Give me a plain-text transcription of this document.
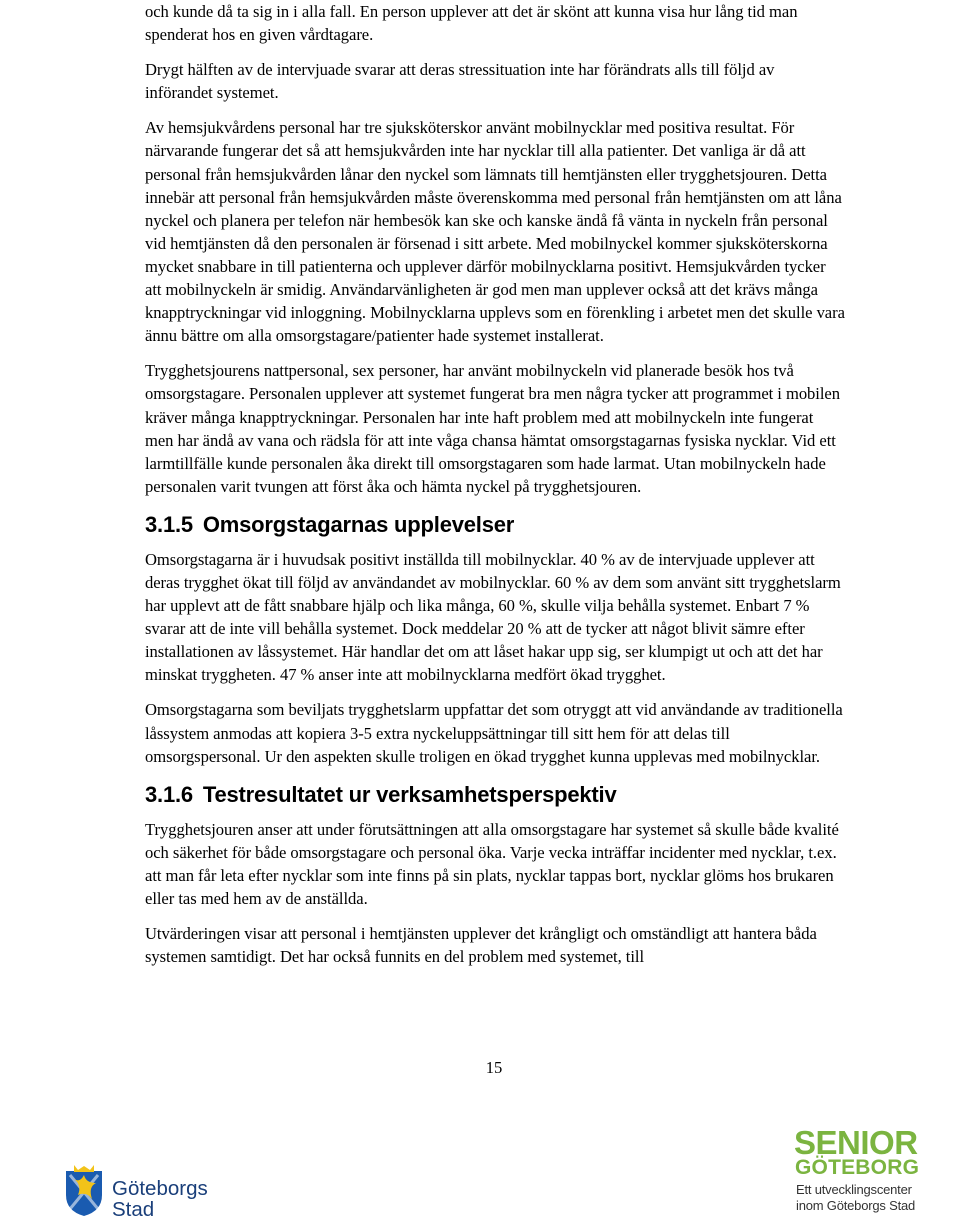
och kunde då ta sig in i alla fall. En person upplever att det är skönt att kunna visa hur lång tid man spenderat hos en given vårdtagare.

Drygt hälften av de intervjuade svarar att deras stressituation inte har förändrats alls till följd av införandet systemet.

Av hemsjukvårdens personal har tre sjuksköterskor använt mobilnycklar med positiva resultat. För närvarande fungerar det så att hemsjukvården inte har nycklar till alla patienter. Det vanliga är då att personal från hemsjukvården lånar den nyckel som lämnats till hemtjänsten eller trygghetsjouren. Detta innebär att personal från hemsjukvården måste överenskomma med personal från hemtjänsten om att låna nyckel och planera per telefon när hembesök kan ske och kanske ändå få vänta in nyckeln från personal vid hemtjänsten då den personalen är försenad i sitt arbete. Med mobilnyckel kommer sjuksköterskorna mycket snabbare in till patienterna och upplever därför mobilnycklarna positivt. Hemsjukvården tycker att mobilnyckeln är smidig. Användarvänligheten är god men man upplever också att det krävs många knapptryckningar vid inloggning. Mobilnycklarna upplevs som en förenkling i arbetet men det skulle vara ännu bättre om alla omsorgstagare/patienter hade systemet installerat.

Trygghetsjourens nattpersonal, sex personer, har använt mobilnyckeln vid planerade besök hos två omsorgstagare. Personalen upplever att systemet fungerat bra men några tycker att programmet i mobilen kräver många knapptryckningar. Personalen har inte haft problem med att mobilnyckeln inte fungerat men har ändå av vana och rädsla för att inte våga chansa hämtat omsorgstagarnas fysiska nycklar. Vid ett larmtillfälle kunde personalen åka direkt till omsorgstagaren som hade larmat. Utan mobilnyckeln hade personalen varit tvungen att först åka och hämta nyckel på trygghetsjouren.

3.1.5 Omsorgstagarnas upplevelser

Omsorgstagarna är i huvudsak positivt inställda till mobilnycklar. 40 % av de intervjuade upplever att deras trygghet ökat till följd av användandet av mobilnycklar. 60 % av dem som använt sitt trygghetslarm har upplevt att de fått snabbare hjälp och lika många, 60 %, skulle vilja behålla systemet. Enbart 7 % svarar att de inte vill behålla systemet. Dock meddelar 20 % att de tycker att något blivit sämre efter installationen av låssystemet. Här handlar det om att låset hakar upp sig, ser klumpigt ut och att det har minskat tryggheten. 47 % anser inte att mobilnycklarna medfört ökad trygghet.

Omsorgstagarna som beviljats trygghetslarm uppfattar det som otryggt att vid användande av traditionella låssystem anmodas att kopiera 3-5 extra nyckeluppsättningar till sitt hem för att delas till omsorgspersonal. Ur den aspekten skulle troligen en ökad trygghet kunna upplevas med mobilnycklar.

3.1.6 Testresultatet ur verksamhetsperspektiv

Trygghetsjouren anser att under förutsättningen att alla omsorgstagare har systemet så skulle både kvalité och säkerhet för både omsorgstagare och personal öka. Varje vecka inträffar incidenter med nycklar, t.ex. att man får leta efter nycklar som inte finns på sin plats, nycklar tappas bort, nycklar glöms hos brukaren eller tas med hem av de anställda.

Utvärderingen visar att personal i hemtjänsten upplever det krångligt och omständligt att hantera båda systemen samtidigt. Det har också funnits en del problem med systemet, till

15
Göteborgs
Stad
SENIOR
GÖTEBORG
Ett utvecklingscenter
inom Göteborgs Stad
